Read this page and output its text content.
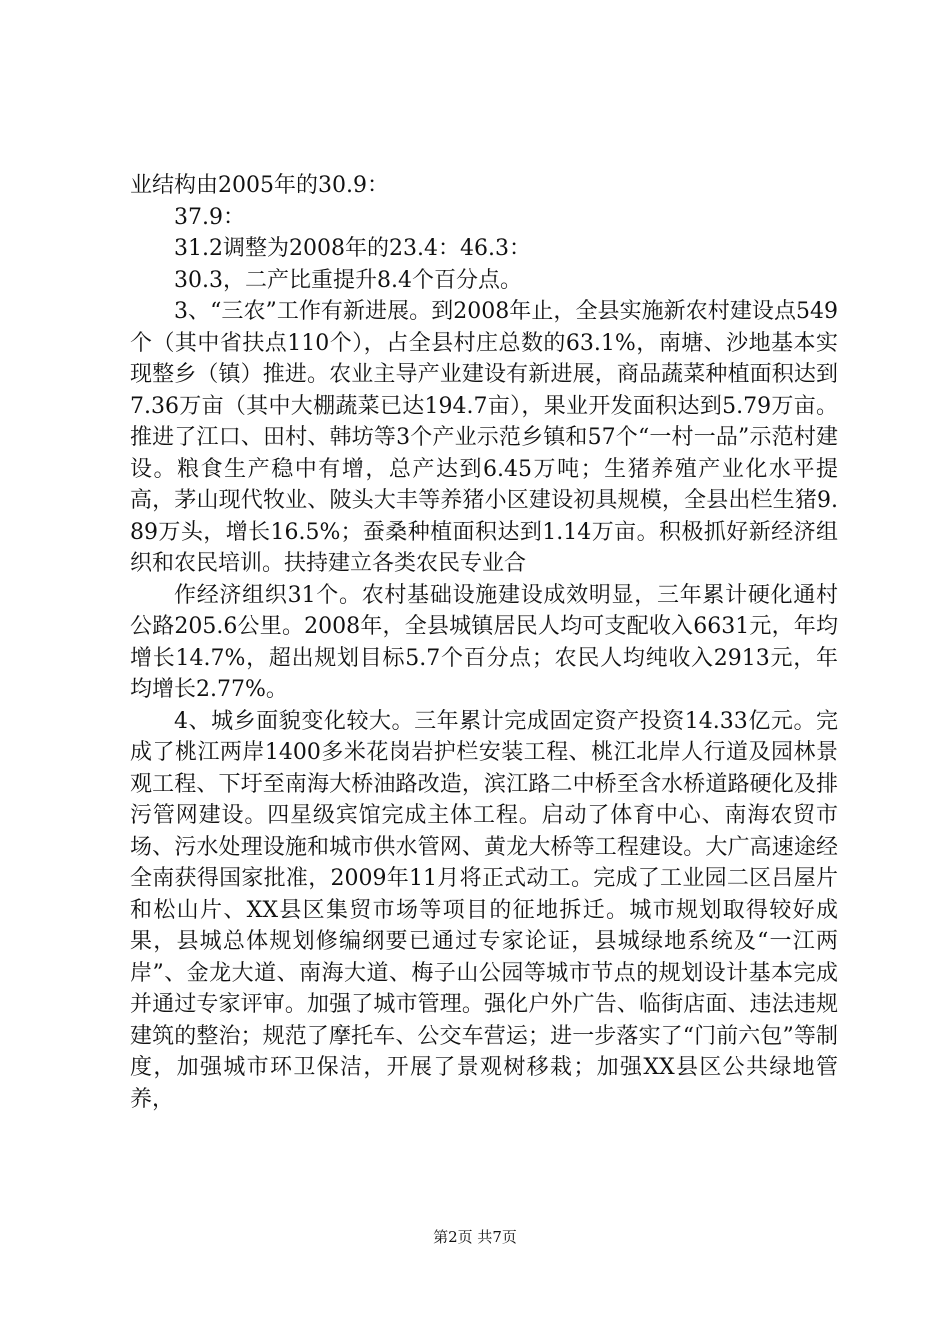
业结构由2005年的30.9：

37.9：

31.2调整为2008年的23.4：46.3：

30.3，二产比重提升8.4个百分点。

3、“三农”工作有新进展。到2008年止，全县实施新农村建设点549个（其中省扶点110个），占全县村庄总数的63.1%，南塘、沙地基本实现整乡（镇）推进。农业主导产业建设有新进展，商品蔬菜种植面积达到7.36万亩（其中大棚蔬菜已达194.7亩），果业开发面积达到5.79万亩。推进了江口、田村、韩坊等3个产业示范乡镇和57个“一村一品”示范村建设。粮食生产稳中有增，总产达到6.45万吨；生猪养殖产业化水平提高，茅山现代牧业、陂头大丰等养猪小区建设初具规模，全县出栏生猪9.89万头，增长16.5%；蚕桑种植面积达到1.14万亩。积极抓好新经济组织和农民培训。扶持建立各类农民专业合

作经济组织31个。农村基础设施建设成效明显，三年累计硬化通村公路205.6公里。2008年，全县城镇居民人均可支配收入6631元，年均增长14.7%，超出规划目标5.7个百分点；农民人均纯收入2913元，年均增长2.77%。

4、城乡面貌变化较大。三年累计完成固定资产投资14.33亿元。完成了桃江两岸1400多米花岗岩护栏安装工程、桃江北岸人行道及园林景观工程、下圩至南海大桥油路改造，滨江路二中桥至含水桥道路硬化及排污管网建设。四星级宾馆完成主体工程。启动了体育中心、南海农贸市场、污水处理设施和城市供水管网、黄龙大桥等工程建设。大广高速途经全南获得国家批准，2009年11月将正式动工。完成了工业园二区吕屋片和松山片、XX县区集贸市场等项目的征地拆迁。城市规划取得较好成果，县城总体规划修编纲要已通过专家论证，县城绿地系统及“一江两岸”、金龙大道、南海大道、梅子山公园等城市节点的规划设计基本完成并通过专家评审。加强了城市管理。强化户外广告、临街店面、违法违规建筑的整治；规范了摩托车、公交车营运；进一步落实了“门前六包”等制度，加强城市环卫保洁，开展了景观树移栽；加强XX县区公共绿地管养，

第2页 共7页
